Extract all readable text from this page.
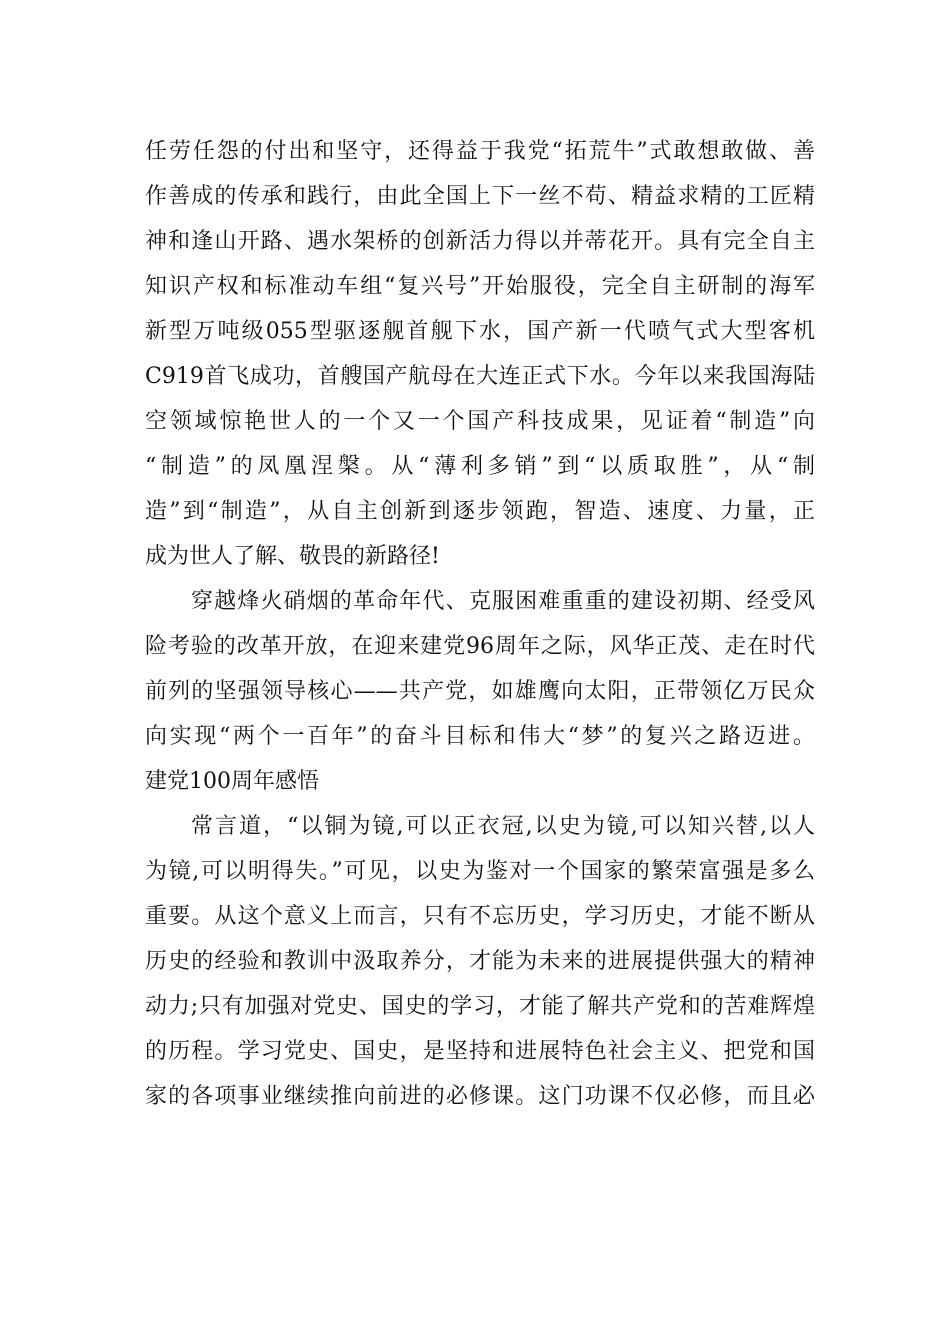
任劳任怨的付出和坚守，还得益于我党“拓荒牛”式敢想敢做、善
作善成的传承和践行，由此全国上下一丝不苟、精益求精的工匠精
神和逢山开路、遇水架桥的创新活力得以并蒂花开。具有完全自主
知识产权和标准动车组“复兴号”开始服役，完全自主研制的海军
新型万吨级055型驱逐舰首舰下水，国产新一代喷气式大型客机
C919首飞成功，首艘国产航母在大连正式下水。今年以来我国海陆
空领域惊艳世人的一个又一个国产科技成果，见证着“制造”向
“制造”的凤凰涅槃。从“薄利多销”到“以质取胜”，从“制
造”到“制造”，从自主创新到逐步领跑，智造、速度、力量，正
成为世人了解、敬畏的新路径!
穿越烽火硝烟的革命年代、克服困难重重的建设初期、经受风
险考验的改革开放，在迎来建党96周年之际，风华正茂、走在时代
前列的坚强领导核心——共产党，如雄鹰向太阳，正带领亿万民众
向实现“两个一百年”的奋斗目标和伟大“梦”的复兴之路迈进。
建党100周年感悟
常言道，“以铜为镜,可以正衣冠,以史为镜,可以知兴替,以人
为镜,可以明得失。”可见，以史为鉴对一个国家的繁荣富强是多么
重要。从这个意义上而言，只有不忘历史，学习历史，才能不断从
历史的经验和教训中汲取养分，才能为未来的进展提供强大的精神
动力;只有加强对党史、国史的学习，才能了解共产党和的苦难辉煌
的历程。学习党史、国史，是坚持和进展特色社会主义、把党和国
家的各项事业继续推向前进的必修课。这门功课不仅必修，而且必
